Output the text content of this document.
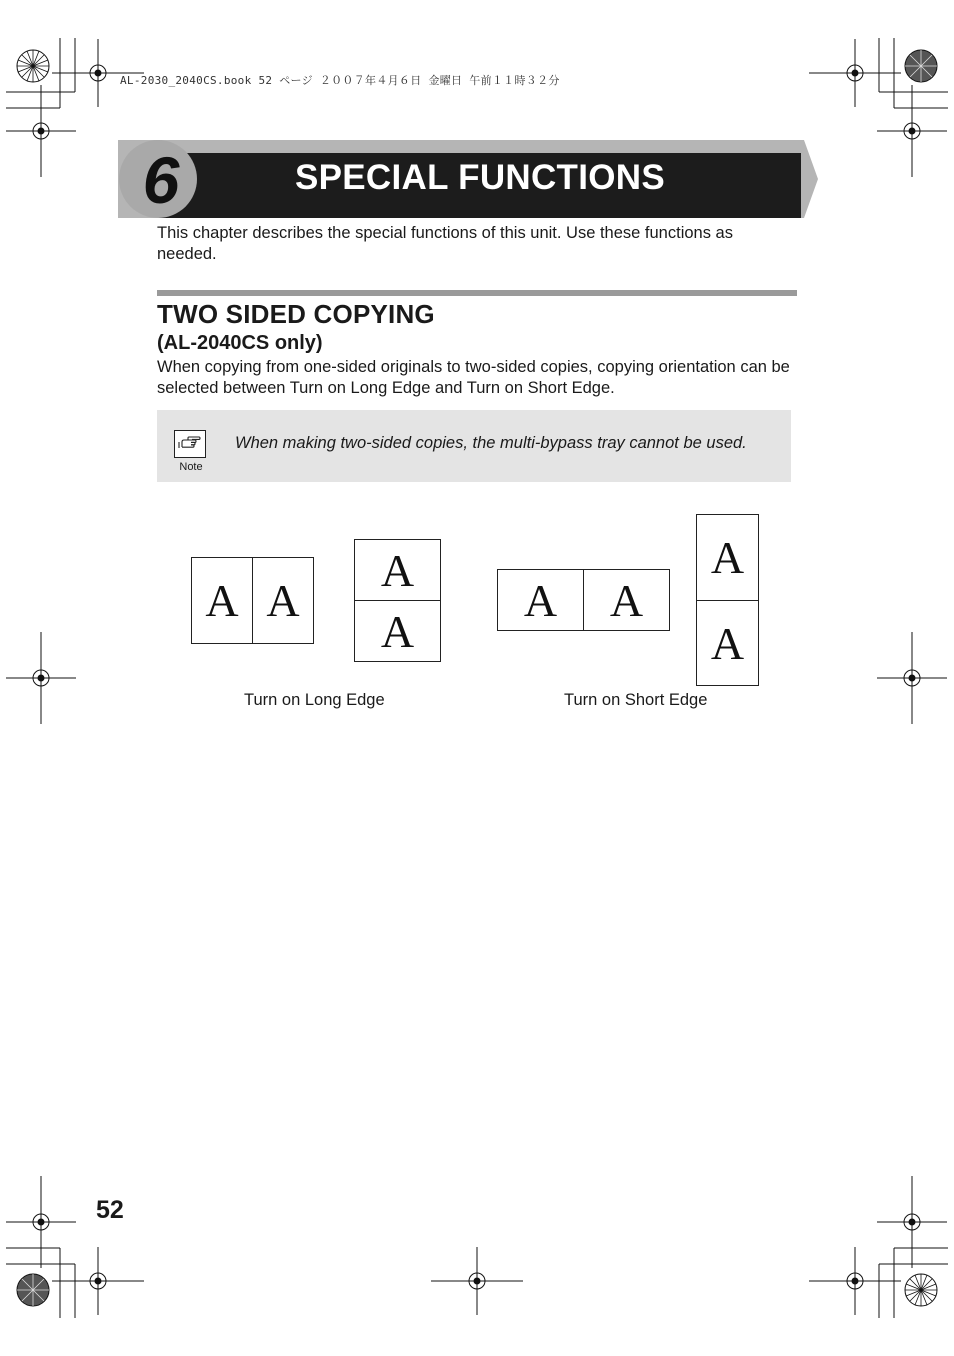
AL-2030_2040CS.book 52 ページ ２００７年４月６日 金曜日 午前１１時３２分
6	SPECIAL FUNCTIONS
This chapter describes the special functions of this unit. Use these functions as needed.
TWO SIDED COPYING
(AL-2040CS only)
When copying from one-sided originals to two-sided copies, copying orientation can be selected between Turn on Long Edge and Turn on Short Edge.
Note
When making two-sided copies, the multi-bypass tray cannot be used.
A A
A
A
A	A
A
A
Turn on Long Edge	Turn on Short Edge
52
